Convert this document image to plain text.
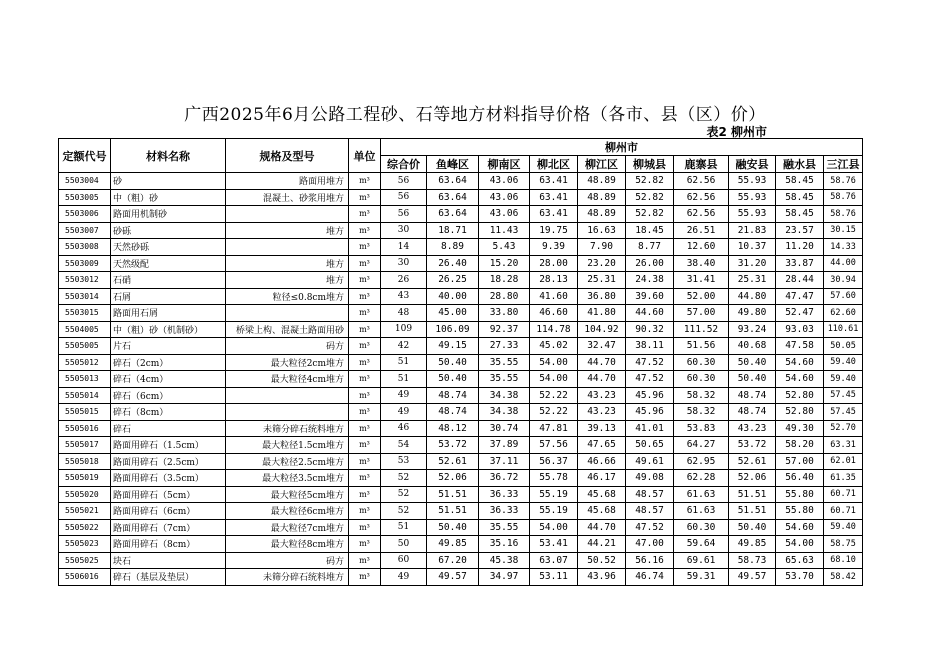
广西2025年6月公路工程砂、石等地方材料指导价格（各市、县（区）价）
表2 柳州市
定额代号	材料名称	规格及型号	单位	柳州市									
				综合价	鱼峰区	柳南区	柳北区	柳江区	柳城县	鹿寨县	融安县	融水县	三江县
5503004	砂	路面用堆方	m³	56	63.64	43.06	63.41	48.89	52.82	62.56	55.93	58.45	58.76
5503005	中（粗）砂	混凝土、砂浆用堆方	m³	56	63.64	43.06	63.41	48.89	52.82	62.56	55.93	58.45	58.76
5503006	路面用机制砂		m³	56	63.64	43.06	63.41	48.89	52.82	62.56	55.93	58.45	58.76
5503007	砂砾	堆方	m³	30	18.71	11.43	19.75	16.63	18.45	26.51	21.83	23.57	30.15
5503008	天然砂砾		m³	14	8.89	5.43	9.39	7.90	8.77	12.60	10.37	11.20	14.33
5503009	天然级配	堆方	m³	30	26.40	15.20	28.00	23.20	26.00	38.40	31.20	33.87	44.00
5503012	石硝	堆方	m³	26	26.25	18.28	28.13	25.31	24.38	31.41	25.31	28.44	30.94
5503014	石屑	粒径≤0.8cm堆方	m³	43	40.00	28.80	41.60	36.80	39.60	52.00	44.80	47.47	57.60
5503015	路面用石屑		m³	48	45.00	33.80	46.60	41.80	44.60	57.00	49.80	52.47	62.60
5504005	中（粗）砂（机制砂）	桥梁上构、混凝土路面用砂	m³	109	106.09	92.37	114.78	104.92	90.32	111.52	93.24	93.03	110.61
5505005	片石	码方	m³	42	49.15	27.33	45.02	32.47	38.11	51.56	40.68	47.58	50.05
5505012	碎石（2cm）	最大粒径2cm堆方	m³	51	50.40	35.55	54.00	44.70	47.52	60.30	50.40	54.60	59.40
5505013	碎石（4cm）	最大粒径4cm堆方	m³	51	50.40	35.55	54.00	44.70	47.52	60.30	50.40	54.60	59.40
5505014	碎石（6cm）		m³	49	48.74	34.38	52.22	43.23	45.96	58.32	48.74	52.80	57.45
5505015	碎石（8cm）		m³	49	48.74	34.38	52.22	43.23	45.96	58.32	48.74	52.80	57.45
5505016	碎石	未筛分碎石统料堆方	m³	46	48.12	30.74	47.81	39.13	41.01	53.83	43.23	49.30	52.70
5505017	路面用碎石（1.5cm）	最大粒径1.5cm堆方	m³	54	53.72	37.89	57.56	47.65	50.65	64.27	53.72	58.20	63.31
5505018	路面用碎石（2.5cm）	最大粒径2.5cm堆方	m³	53	52.61	37.11	56.37	46.66	49.61	62.95	52.61	57.00	62.01
5505019	路面用碎石（3.5cm）	最大粒径3.5cm堆方	m³	52	52.06	36.72	55.78	46.17	49.08	62.28	52.06	56.40	61.35
5505020	路面用碎石（5cm）	最大粒径5cm堆方	m³	52	51.51	36.33	55.19	45.68	48.57	61.63	51.51	55.80	60.71
5505021	路面用碎石（6cm）	最大粒径6cm堆方	m³	52	51.51	36.33	55.19	45.68	48.57	61.63	51.51	55.80	60.71
5505022	路面用碎石（7cm）	最大粒径7cm堆方	m³	51	50.40	35.55	54.00	44.70	47.52	60.30	50.40	54.60	59.40
5505023	路面用碎石（8cm）	最大粒径8cm堆方	m³	50	49.85	35.16	53.41	44.21	47.00	59.64	49.85	54.00	58.75
5505025	块石	码方	m³	60	67.20	45.38	63.07	50.52	56.16	69.61	58.73	65.63	68.10
5506016	碎石（基层及垫层）	未筛分碎石统料堆方	m³	49	49.57	34.97	53.11	43.96	46.74	59.31	49.57	53.70	58.42
